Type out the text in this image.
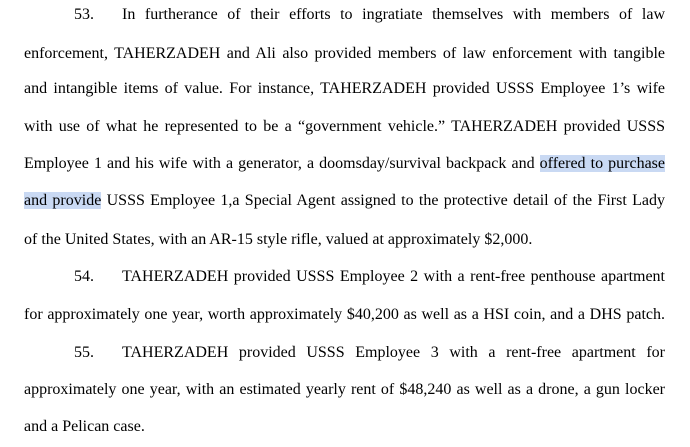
53. In furtherance of their efforts to ingratiate themselves with members of law
enforcement, TAHERZADEH and Ali also provided members of law enforcement with tangible
and intangible items of value. For instance, TAHERZADEH provided USSS Employee 1’s wife
with use of what he represented to be a “government vehicle.” TAHERZADEH provided USSS
Employee 1 and his wife with a generator, a doomsday/survival backpack and offered to purchase
and provide USSS Employee 1,a Special Agent assigned to the protective detail of the First Lady
of the United States, with an AR-15 style rifle, valued at approximately $2,000.
54. TAHERZADEH provided USSS Employee 2 with a rent-free penthouse apartment
for approximately one year, worth approximately $40,200 as well as a HSI coin, and a DHS patch.
55. TAHERZADEH provided USSS Employee 3 with a rent-free apartment for
approximately one year, with an estimated yearly rent of $48,240 as well as a drone, a gun locker
and a Pelican case.
